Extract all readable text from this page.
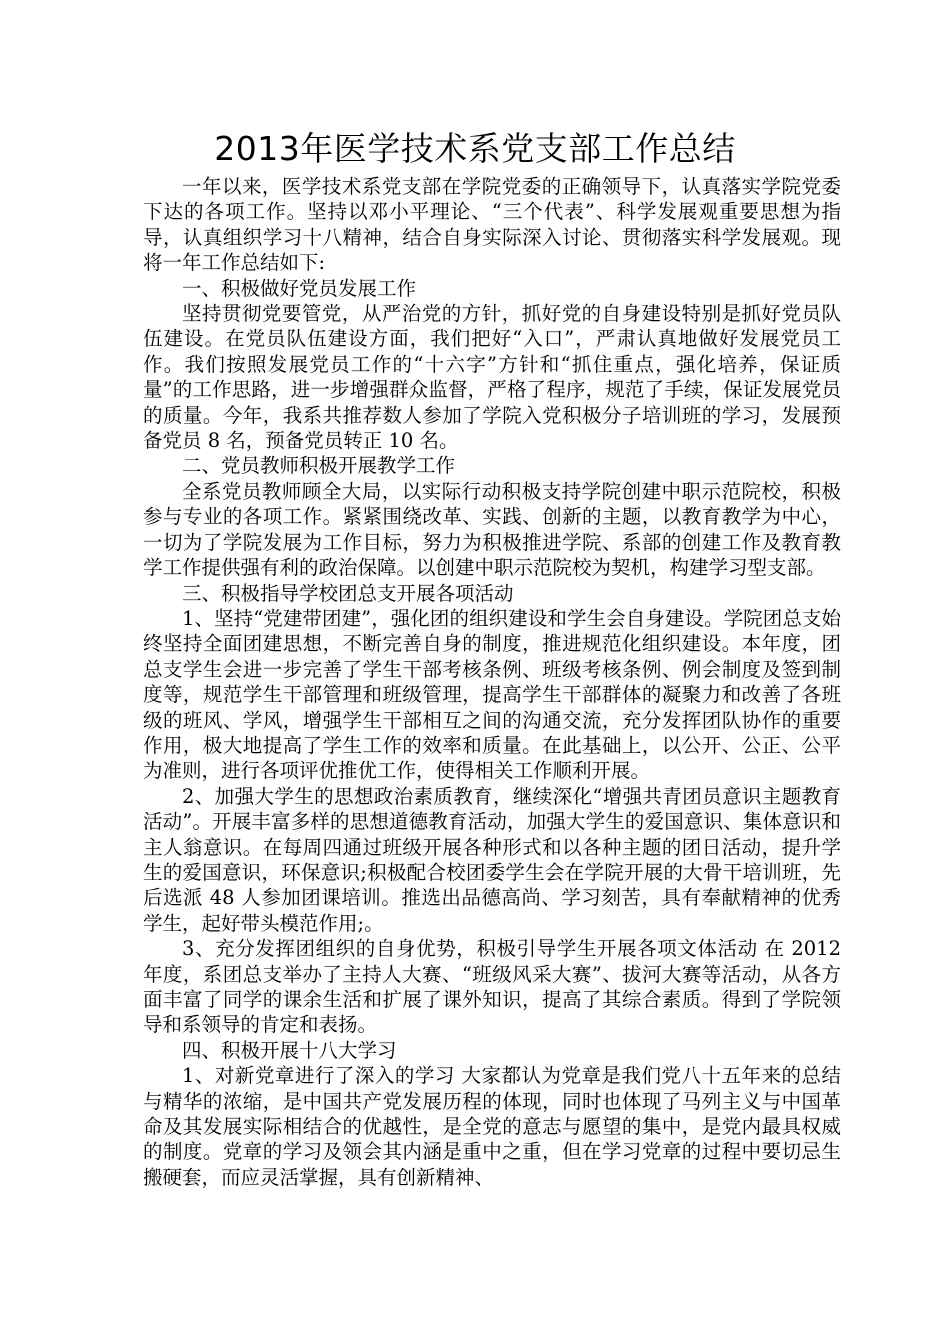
2013年医学技术系党支部工作总结

一年以来，医学技术系党支部在学院党委的正确领导下，认真落实学院党委下达的各项工作。坚持以邓小平理论、“三个代表”、科学发展观重要思想为指导，认真组织学习十八精神，结合自身实际深入讨论、贯彻落实科学发展观。现将一年工作总结如下:

一、积极做好党员发展工作

坚持贯彻党要管党，从严治党的方针，抓好党的自身建设特别是抓好党员队伍建设。在党员队伍建设方面，我们把好“入口”，严肃认真地做好发展党员工作。我们按照发展党员工作的“十六字”方针和“抓住重点，强化培养，保证质量”的工作思路，进一步增强群众监督，严格了程序，规范了手续，保证发展党员的质量。今年，我系共推荐数人参加了学院入党积极分子培训班的学习，发展预备党员 8 名，预备党员转正 10 名。

二、党员教师积极开展教学工作

全系党员教师顾全大局，以实际行动积极支持学院创建中职示范院校，积极参与专业的各项工作。紧紧围绕改革、实践、创新的主题，以教育教学为中心，一切为了学院发展为工作目标，努力为积极推进学院、系部的创建工作及教育教学工作提供强有利的政治保障。以创建中职示范院校为契机，构建学习型支部。

三、积极指导学校团总支开展各项活动

1、坚持“党建带团建”，强化团的组织建设和学生会自身建设。学院团总支始终坚持全面团建思想，不断完善自身的制度，推进规范化组织建设。本年度，团总支学生会进一步完善了学生干部考核条例、班级考核条例、例会制度及签到制度等，规范学生干部管理和班级管理，提高学生干部群体的凝聚力和改善了各班级的班风、学风，增强学生干部相互之间的沟通交流，充分发挥团队协作的重要作用，极大地提高了学生工作的效率和质量。在此基础上，以公开、公正、公平为准则，进行各项评优推优工作，使得相关工作顺利开展。

2、加强大学生的思想政治素质教育，继续深化“增强共青团员意识主题教育活动”。开展丰富多样的思想道德教育活动，加强大学生的爱国意识、集体意识和主人翁意识。在每周四通过班级开展各种形式和以各种主题的团日活动，提升学生的爱国意识，环保意识;积极配合校团委学生会在学院开展的大骨干培训班，先后选派 48 人参加团课培训。推选出品德高尚、学习刻苦，具有奉献精神的优秀学生，起好带头模范作用;。

3、充分发挥团组织的自身优势，积极引导学生开展各项文体活动 在 2012 年度，系团总支举办了主持人大赛、“班级风采大赛”、拔河大赛等活动，从各方面丰富了同学的课余生活和扩展了课外知识，提高了其综合素质。得到了学院领导和系领导的肯定和表扬。

四、积极开展十八大学习

1、对新党章进行了深入的学习 大家都认为党章是我们党八十五年来的总结与精华的浓缩，是中国共产党发展历程的体现，同时也体现了马列主义与中国革命及其发展实际相结合的优越性，是全党的意志与愿望的集中，是党内最具权威的制度。党章的学习及领会其内涵是重中之重，但在学习党章的过程中要切忌生搬硬套，而应灵活掌握，具有创新精神、
